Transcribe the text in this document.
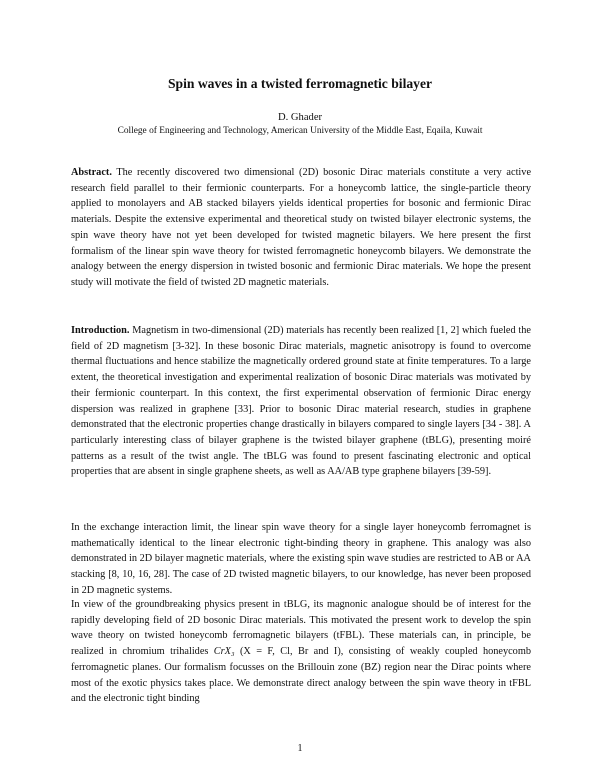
Spin waves in a twisted ferromagnetic bilayer
D. Ghader
College of Engineering and Technology, American University of the Middle East, Eqaila, Kuwait

Abstract. The recently discovered two dimensional (2D) bosonic Dirac materials constitute a very active research field parallel to their fermionic counterparts. For a honeycomb lattice, the single-particle theory applied to monolayers and AB stacked bilayers yields identical properties for bosonic and fermionic Dirac materials. Despite the extensive experimental and theoretical study on twisted bilayer electronic systems, the spin wave theory have not yet been developed for twisted magnetic bilayers. We here present the first formalism of the linear spin wave theory for twisted ferromagnetic honeycomb bilayers. We demonstrate the analogy between the energy dispersion in twisted bosonic and fermionic Dirac materials. We hope the present study will motivate the field of twisted 2D magnetic materials.

Introduction. Magnetism in two-dimensional (2D) materials has recently been realized [1, 2] which fueled the field of 2D magnetism [3-32]. In these bosonic Dirac materials, magnetic anisotropy is found to overcome thermal fluctuations and hence stabilize the magnetically ordered ground state at finite temperatures. To a large extent, the theoretical investigation and experimental realization of bosonic Dirac materials was motivated by their fermionic counterpart. In this context, the first experimental observation of fermionic Dirac energy dispersion was realized in graphene [33]. Prior to bosonic Dirac material research, studies in graphene demonstrated that the electronic properties change drastically in bilayers compared to single layers [34 - 38]. A particularly interesting class of bilayer graphene is the twisted bilayer graphene (tBLG), presenting moiré patterns as a result of the twist angle. The tBLG was found to present fascinating electronic and optical properties that are absent in single graphene sheets, as well as AA/AB type graphene bilayers [39-59].

In the exchange interaction limit, the linear spin wave theory for a single layer honeycomb ferromagnet is mathematically identical to the linear electronic tight-binding theory in graphene. This analogy was also demonstrated in 2D bilayer magnetic materials, where the existing spin wave studies are restricted to AB or AA stacking [8, 10, 16, 28]. The case of 2D twisted magnetic bilayers, to our knowledge, has never been proposed in 2D magnetic systems.

In view of the groundbreaking physics present in tBLG, its magnonic analogue should be of interest for the rapidly developing field of 2D bosonic Dirac materials. This motivated the present work to develop the spin wave theory on twisted honeycomb ferromagnetic bilayers (tFBL). These materials can, in principle, be realized in chromium trihalides CrX₃ (X = F, Cl, Br and I), consisting of weakly coupled honeycomb ferromagnetic planes. Our formalism focusses on the Brillouin zone (BZ) region near the Dirac points where most of the exotic physics takes place. We demonstrate direct analogy between the spin wave theory in tFBL and the electronic tight binding

1
